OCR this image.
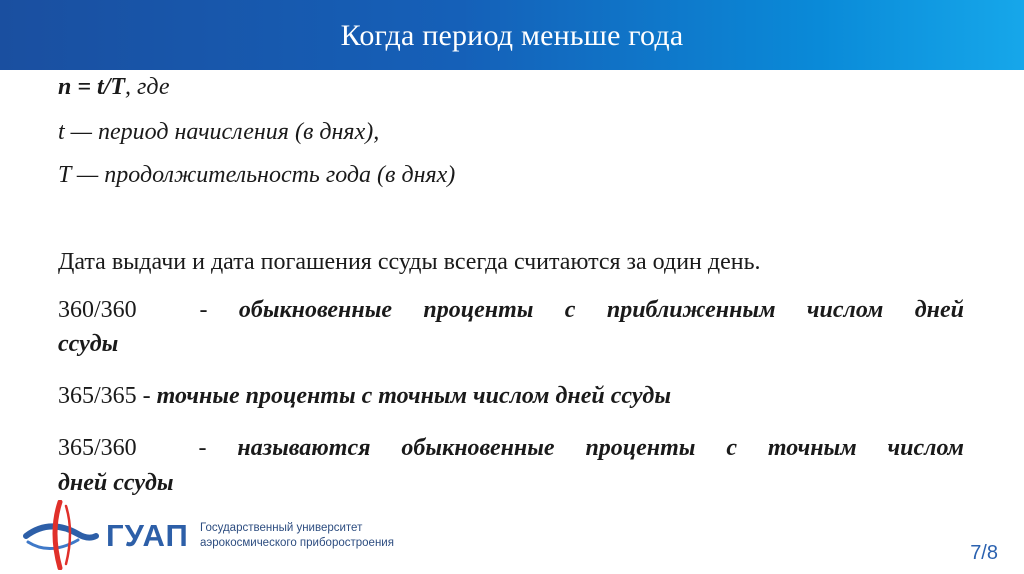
Когда период меньше года
n = t/T, где
t — период начисления (в днях),
T — продолжительность года (в днях)
Дата выдачи и дата погашения ссуды всегда считаются за один день.
360/360  - обыкновенные проценты с приближенным числом дней
ссуды
365/365 - точные проценты с точным числом дней ссуды
365/360  - называются обыкновенные проценты с точным числом
дней ссуды
ГУАП Государственный университет
аэрокосмического приборостроения	7/8
